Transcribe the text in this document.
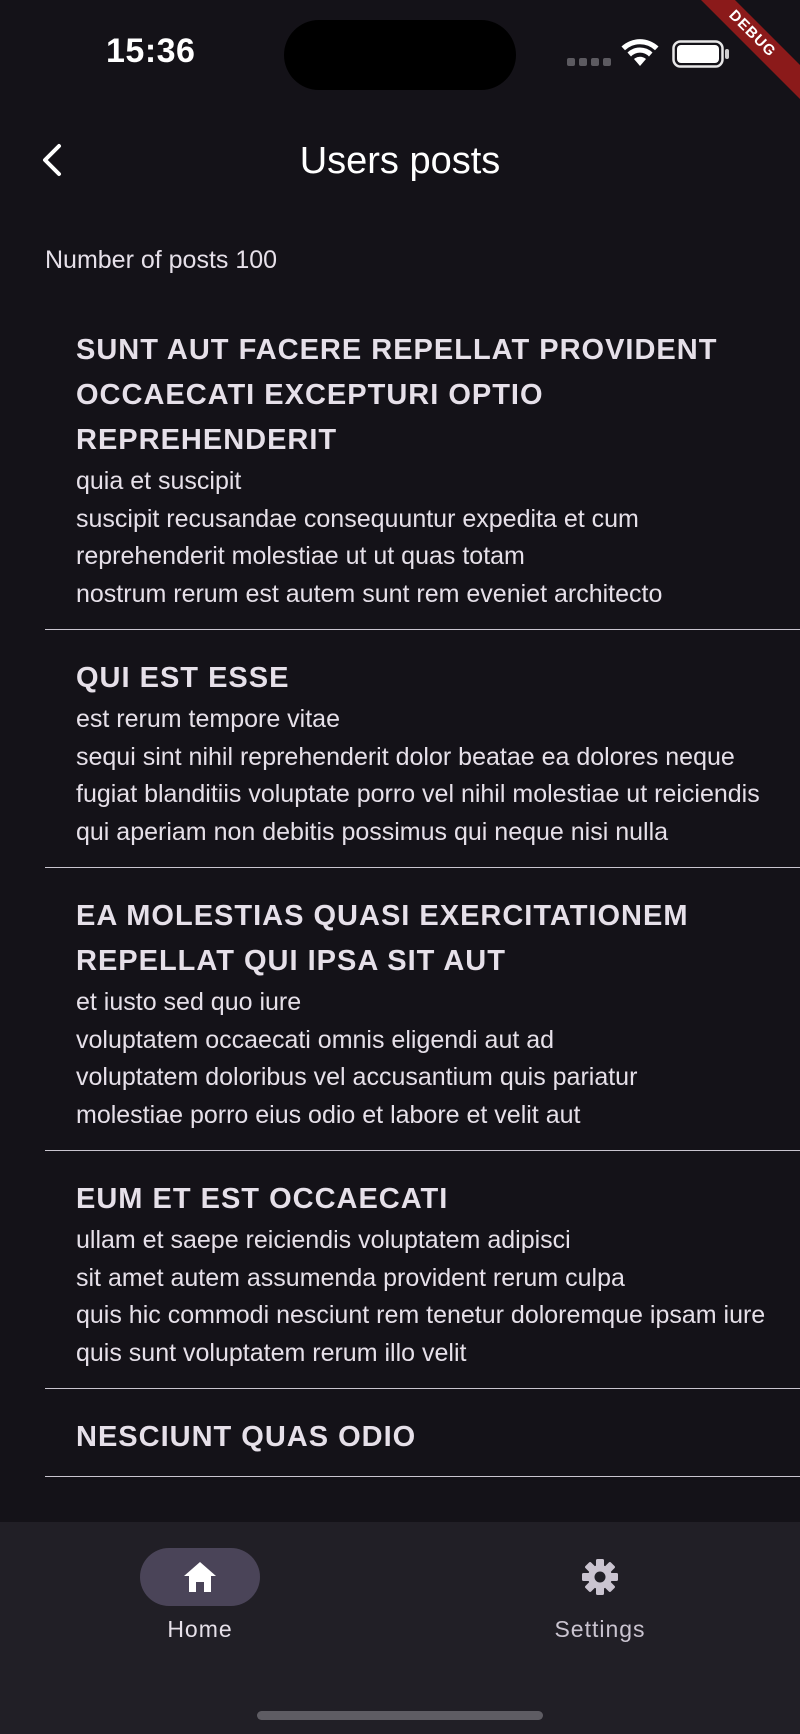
15:36	DEBUG
Users posts
Number of posts 100
SUNT AUT FACERE REPELLAT PROVIDENT OCCAECATI EXCEPTURI OPTIO REPREHENDERIT
quia et suscipit
suscipit recusandae consequuntur expedita et cum reprehenderit molestiae ut ut quas totam
nostrum rerum est autem sunt rem eveniet architecto
QUI EST ESSE
est rerum tempore vitae
sequi sint nihil reprehenderit dolor beatae ea dolores neque
fugiat blanditiis voluptate porro vel nihil molestiae ut reiciendis
qui aperiam non debitis possimus qui neque nisi nulla
EA MOLESTIAS QUASI EXERCITATIONEM REPELLAT QUI IPSA SIT AUT
et iusto sed quo iure
voluptatem occaecati omnis eligendi aut ad
voluptatem doloribus vel accusantium quis pariatur
molestiae porro eius odio et labore et velit aut
EUM ET EST OCCAECATI
ullam et saepe reiciendis voluptatem adipisci
sit amet autem assumenda provident rerum culpa
quis hic commodi nesciunt rem tenetur doloremque ipsam iure
quis sunt voluptatem rerum illo velit
NESCIUNT QUAS ODIO
Home	Settings
